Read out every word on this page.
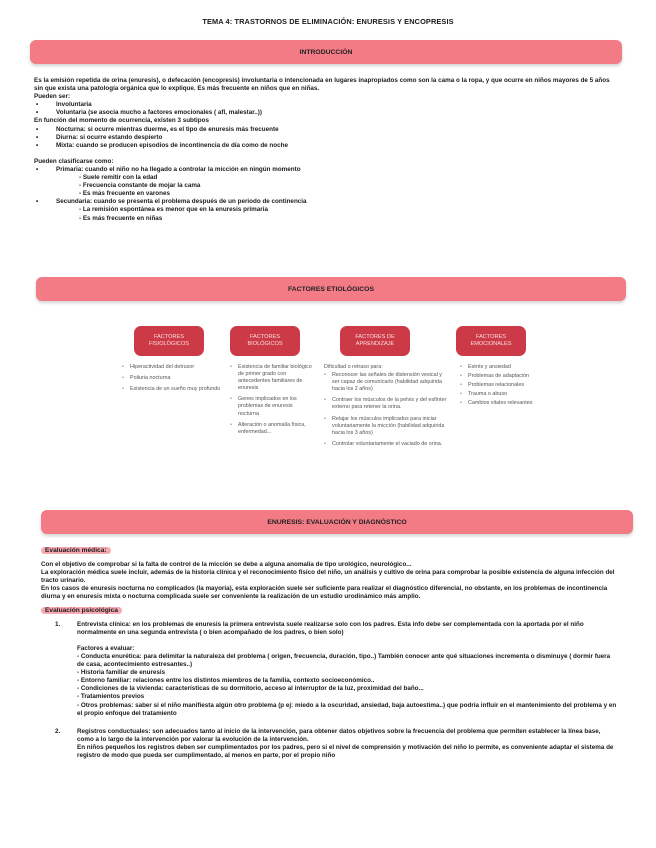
TEMA 4: TRASTORNOS DE ELIMINACIÓN: ENURESIS Y ENCOPRESIS
INTRODUCCIÓN

Es la emisión repetida de orina (enuresis), o defecación (encopresis) involuntaria o intencionada en lugares inapropiados como son la cama o la ropa, y que ocurre en niños mayores de 5 años sin que exista una patología orgánica que lo explique. Es más frecuente en niños que en niñas.

Pueden ser:

• Involuntaria

• Voluntaria (se asocia mucho a factores emocionales ( afl, malestar..))

En función del momento de ocurrencia, existen 3 subtipos

• Nocturna: si ocurre mientras duerme, es el tipo de enuresis más frecuente

• Diurna: si ocurre estando despierto

• Mixta: cuando se producen episodios de incontinencia de día como de noche

Pueden clasificarse como:

• Primaria: cuando el niño no ha llegado a controlar la micción en ningún momento

- Suele remitir con la edad

- Frecuencia constante de mojar la cama

- Es más frecuente en varones

• Secundaria: cuando se presenta el problema después de un periodo de continencia

- La remisión espontánea es menor que en la enuresis primaria

- Es más frecuente en niñas

FACTORES ETIOLÓGICOS
FACTORES FISIOLÓGICOS
FACTORES BIOLÓGICOS
FACTORES DE APRENDIZAJE
FACTORES EMOCIONALES
• Hiperactividad del detrusor
• Poliuria nocturna
• Existencia de un sueño muy profundo
• Existencia de familiar biológico de primer grado con antecedentes familiares de enuresis
• Genes implicados en los problemas de enuresis nocturna
• Alteración o anomalía física, enfermedad...
Dificultad o retraso para:
• Reconocer las señales de distensión vesical y ser capaz de comunicarlo (habilidad adquirida hacia los 2 años)
• Contraer los músculos de la pelvis y del esfínter externo para retener la orina.
• Relajar los músculos implicados para iniciar voluntariamente la micción (habilidad adquirida hacia los 3 años)
• Controlar voluntariamente el vaciado de orina.
• Estrés y ansiedad
• Problemas de adaptación
• Problemas relacionales
• Trauma o abuso
• Cambios vitales relevantes
ENURESIS: EVALUACIÓN Y DIAGNÓSTICO

Evaluación médica:

Con el objetivo de comprobar si la falta de control de la micción se debe a alguna anomalía de tipo urológico, neurológico...

La exploración médica suele incluir, además de la historia clínica y el reconocimiento físico del niño, un análisis y cultivo de orina para comprobar la posible existencia de alguna infección del tracto urinario.

En los casos de enuresis nocturna no complicados (la mayoría), esta exploración suele ser suficiente para realizar el diagnóstico diferencial, no obstante, en los problemas de incontinencia diurna y en enuresis mixta o nocturna complicada suele ser conveniente la realización de un estudio urodinámico más amplio.

Evaluación psicológica

1.	Entrevista clínica: en los problemas de enuresis la primera entrevista suele realizarse solo con los padres. Esta info debe ser complementada con la aportada por el niño normalmente en una segunda entrevista ( o bien acompañado de los padres, o bien solo)

Factores a evaluar:

- Conducta enurética: para delimitar la naturaleza del problema ( origen, frecuencia, duración, tipo..) También conocer ante qué situaciones incrementa o disminuye ( dormir fuera de casa, acontecimiento estresantes..)

- Historia familiar de enuresis

- Entorno familiar: relaciones entre los distintos miembros de la familia, contexto socioeconómico..

- Condiciones de la vivienda: características de su dormitorio, acceso al interruptor de la luz, proximidad del baño...

- Tratamientos previos

- Otros problemas: saber si el niño manifiesta algún otro problema (p ej: miedo a la oscuridad, ansiedad, baja autoestima..) que podría influir en el mantenimiento del problema y en el propio enfoque del tratamiento

2.	Registros conductuales: son adecuados tanto al inicio de la intervención, para obtener datos objetivos sobre la frecuencia del problema que permiten establecer la línea base, como a lo largo de la intervención por valorar la evolución de la intervención.

En niños pequeños los registros deben ser cumplimentados por los padres, pero si el nivel de comprensión y motivación del niño lo permite, es conveniente adaptar el sistema de registro de modo que pueda ser cumplimentado, al menos en parte, por el propio niño
